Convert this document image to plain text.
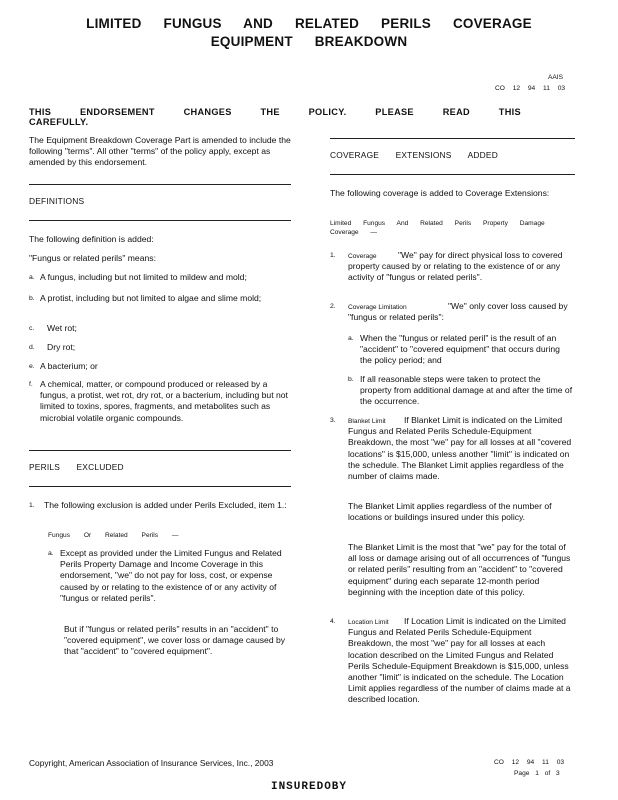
LIMITED FUNGUS AND RELATED PERILS COVERAGE
EQUIPMENT BREAKDOWN
AAIS
CO 12 94 11 03
THIS ENDORSEMENT CHANGES THE POLICY. PLEASE READ THIS CAREFULLY.
The Equipment Breakdown Coverage Part is amended to include the following "terms". All other "terms" of the policy apply, except as amended by this endorsement.
DEFINITIONS
The following definition is added:
"Fungus or related perils" means:
a. A fungus, including but not limited to mildew and mold;
b. A protist, including but not limited to algae and slime mold;
c. Wet rot;
d. Dry rot;
e. A bacterium; or
f. A chemical, matter, or compound produced or released by a fungus, a protist, wet rot, dry rot, or a bacterium, including but not limited to toxins, spores, fragments, and metabolites such as microbial volatile organic compounds.
PERILS EXCLUDED
1. The following exclusion is added under Perils Excluded, item 1.:
Fungus Or Related Perils —
a. Except as provided under the Limited Fungus and Related Perils Property Damage and Income Coverage in this endorsement, "we" do not pay for loss, cost, or expense caused by or relating to the existence of or any activity of "fungus or related perils".
But if "fungus or related perils" results in an "accident" to "covered equipment", we cover loss or damage caused by that "accident" to "covered equipment".
COVERAGE EXTENSIONS ADDED
The following coverage is added to Coverage Extensions:
Limited Fungus And Related Perils Property Damage Coverage —
1. Coverage	"We" pay for direct physical loss to covered property caused by or relating to the existence of or any activity of "fungus or related perils".
2. Coverage Limitation	"We" only cover loss caused by "fungus or related perils":
a. When the "fungus or related peril" is the result of an "accident" to "covered equipment" that occurs during the policy period; and
b. If all reasonable steps were taken to protect the property from additional damage at and after the time of the occurrence.
3. Blanket Limit	If Blanket Limit is indicated on the Limited Fungus and Related Perils Schedule-Equipment Breakdown, the most "we" pay for all losses at all "covered locations" is $15,000, unless another "limit" is indicated on the schedule. The Blanket Limit applies regardless of the number of claims made.
The Blanket Limit applies regardless of the number of locations or buildings insured under this policy.
The Blanket Limit is the most that "we" pay for the total of all loss or damage arising out of all occurrences of "fungus or related perils" resulting from an "accident" to "covered equipment" during each separate 12-month period beginning with the inception date of this policy.
4. Location Limit	If Location Limit is indicated on the Limited Fungus and Related Perils Schedule-Equipment Breakdown, the most "we" pay for all losses at each location described on the Limited Fungus and Related Perils Schedule-Equipment Breakdown is $15,000, unless another "limit" is indicated on the schedule. The Location Limit applies regardless of the number of claims made at a described location.
Copyright, American Association of Insurance Services, Inc., 2003	CO 12 94 11 03
Page 1 of 3
INSUREDOBY
